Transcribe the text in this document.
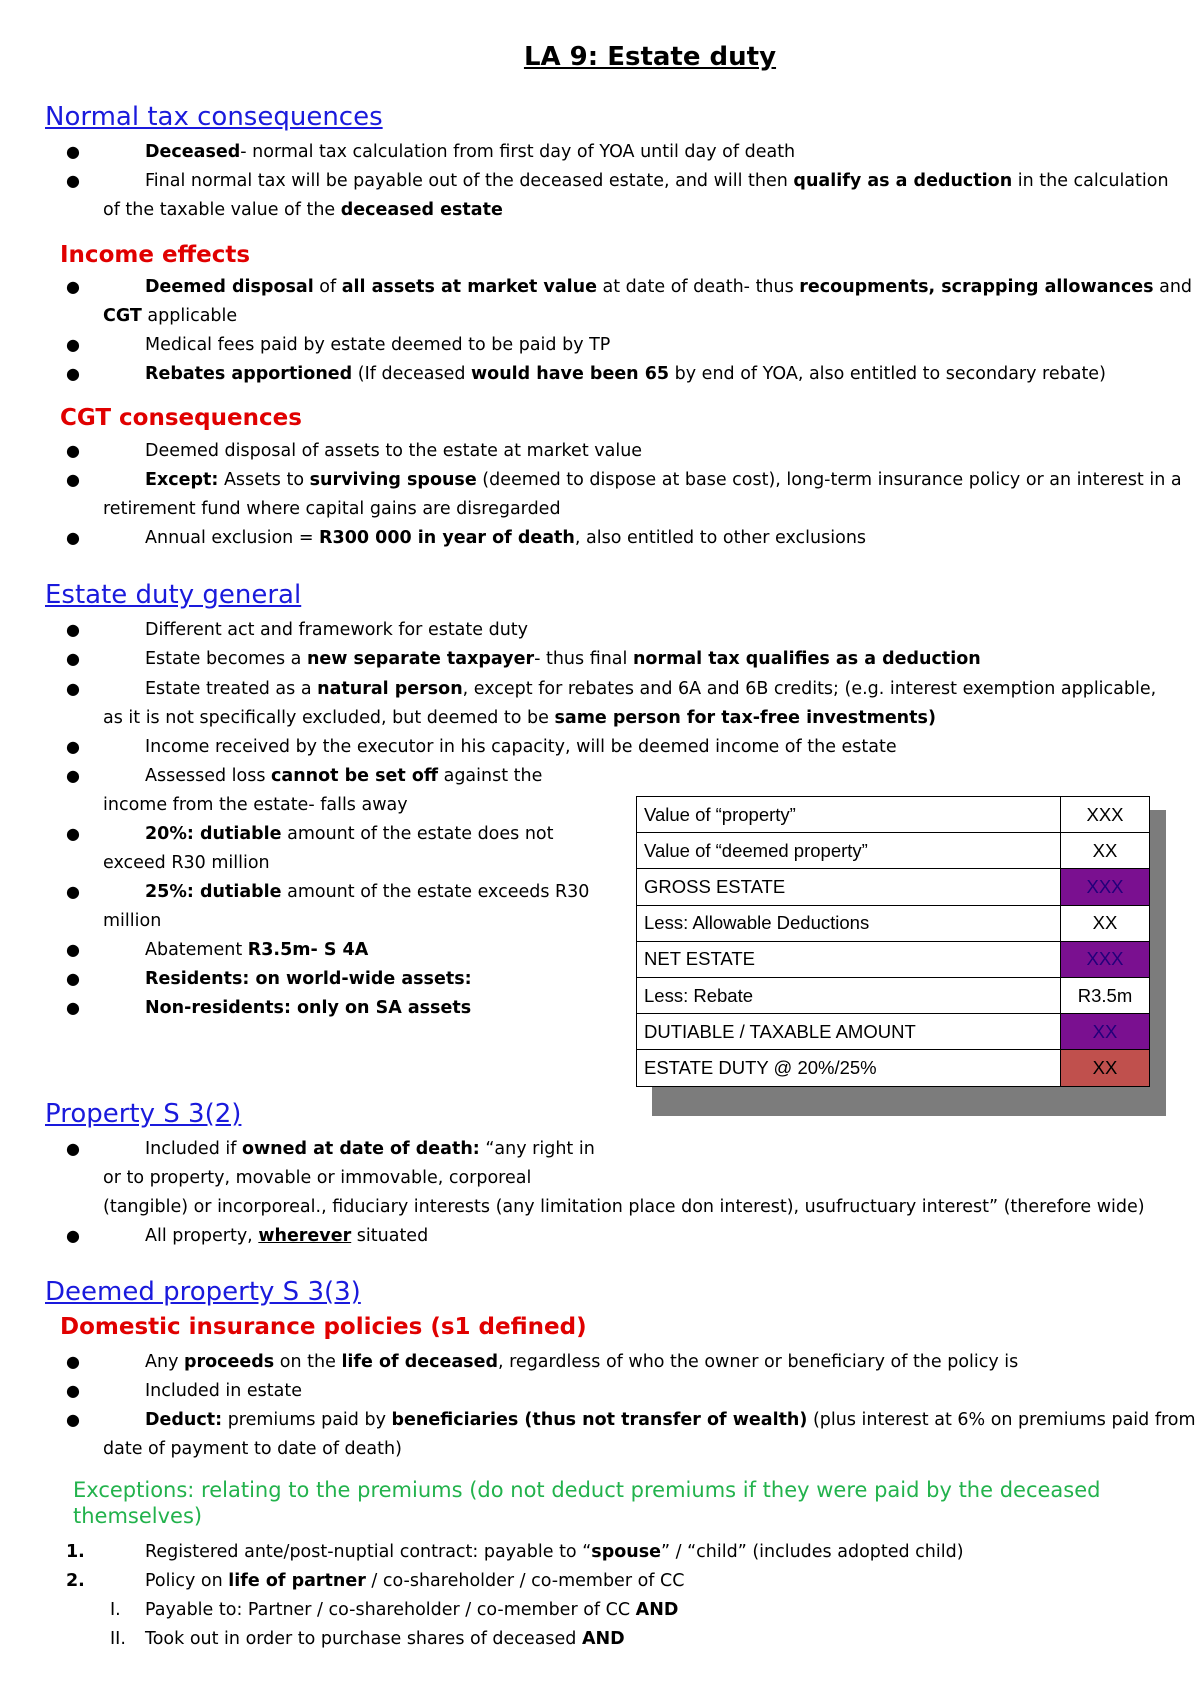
LA 9: Estate duty
Normal tax consequences
●	Deceased- normal tax calculation from first day of YOA until day of death
●	Final normal tax will be payable out of the deceased estate, and will then qualify as a deduction in the calculation
of the taxable value of the deceased estate
Income effects
●	Deemed disposal of all assets at market value at date of death- thus recoupments, scrapping allowances and
CGT applicable
●	Medical fees paid by estate deemed to be paid by TP
●	Rebates apportioned (If deceased would have been 65 by end of YOA, also entitled to secondary rebate)
CGT consequences
●	Deemed disposal of assets to the estate at market value
●	Except: Assets to surviving spouse (deemed to dispose at base cost), long-term insurance policy or an interest in a
retirement fund where capital gains are disregarded
●	Annual exclusion = R300 000 in year of death, also entitled to other exclusions
Estate duty general
●	Different act and framework for estate duty
●	Estate becomes a new separate taxpayer- thus final normal tax qualifies as a deduction
●	Estate treated as a natural person, except for rebates and 6A and 6B credits; (e.g. interest exemption applicable,
as it is not specifically excluded, but deemed to be same person for tax-free investments)
●	Income received by the executor in his capacity, will be deemed income of the estate
●	Assessed loss cannot be set off against the
income from the estate- falls away
●	20%: dutiable amount of the estate does not
exceed R30 million
●	25%: dutiable amount of the estate exceeds R30
million
●	Abatement R3.5m- S 4A
●	Residents: on world-wide assets:
●	Non-residents: only on SA assets
Value of “property”	XXX
Value of “deemed property”	XX
GROSS ESTATE	XXX
Less: Allowable Deductions	XX
NET ESTATE	XXX
Less: Rebate	R3.5m
DUTIABLE / TAXABLE AMOUNT	XX
ESTATE DUTY @ 20%/25%	XX
Property S 3(2)
●	Included if owned at date of death: “any right in
or to property, movable or immovable, corporeal
(tangible) or incorporeal., fiduciary interests (any limitation place don interest), usufructuary interest” (therefore wide)
●	All property, wherever situated
Deemed property S 3(3)
Domestic insurance policies (s1 defined)
●	Any proceeds on the life of deceased, regardless of who the owner or beneficiary of the policy is
●	Included in estate
●	Deduct: premiums paid by beneficiaries (thus not transfer of wealth) (plus interest at 6% on premiums paid from
date of payment to date of death)
Exceptions: relating to the premiums (do not deduct premiums if they were paid by the deceased themselves)
1.	Registered ante/post-nuptial contract: payable to “spouse” / “child” (includes adopted child)
2.	Policy on life of partner / co-shareholder / co-member of CC
I. Payable to: Partner / co-shareholder / co-member of CC AND
II. Took out in order to purchase shares of deceased AND
